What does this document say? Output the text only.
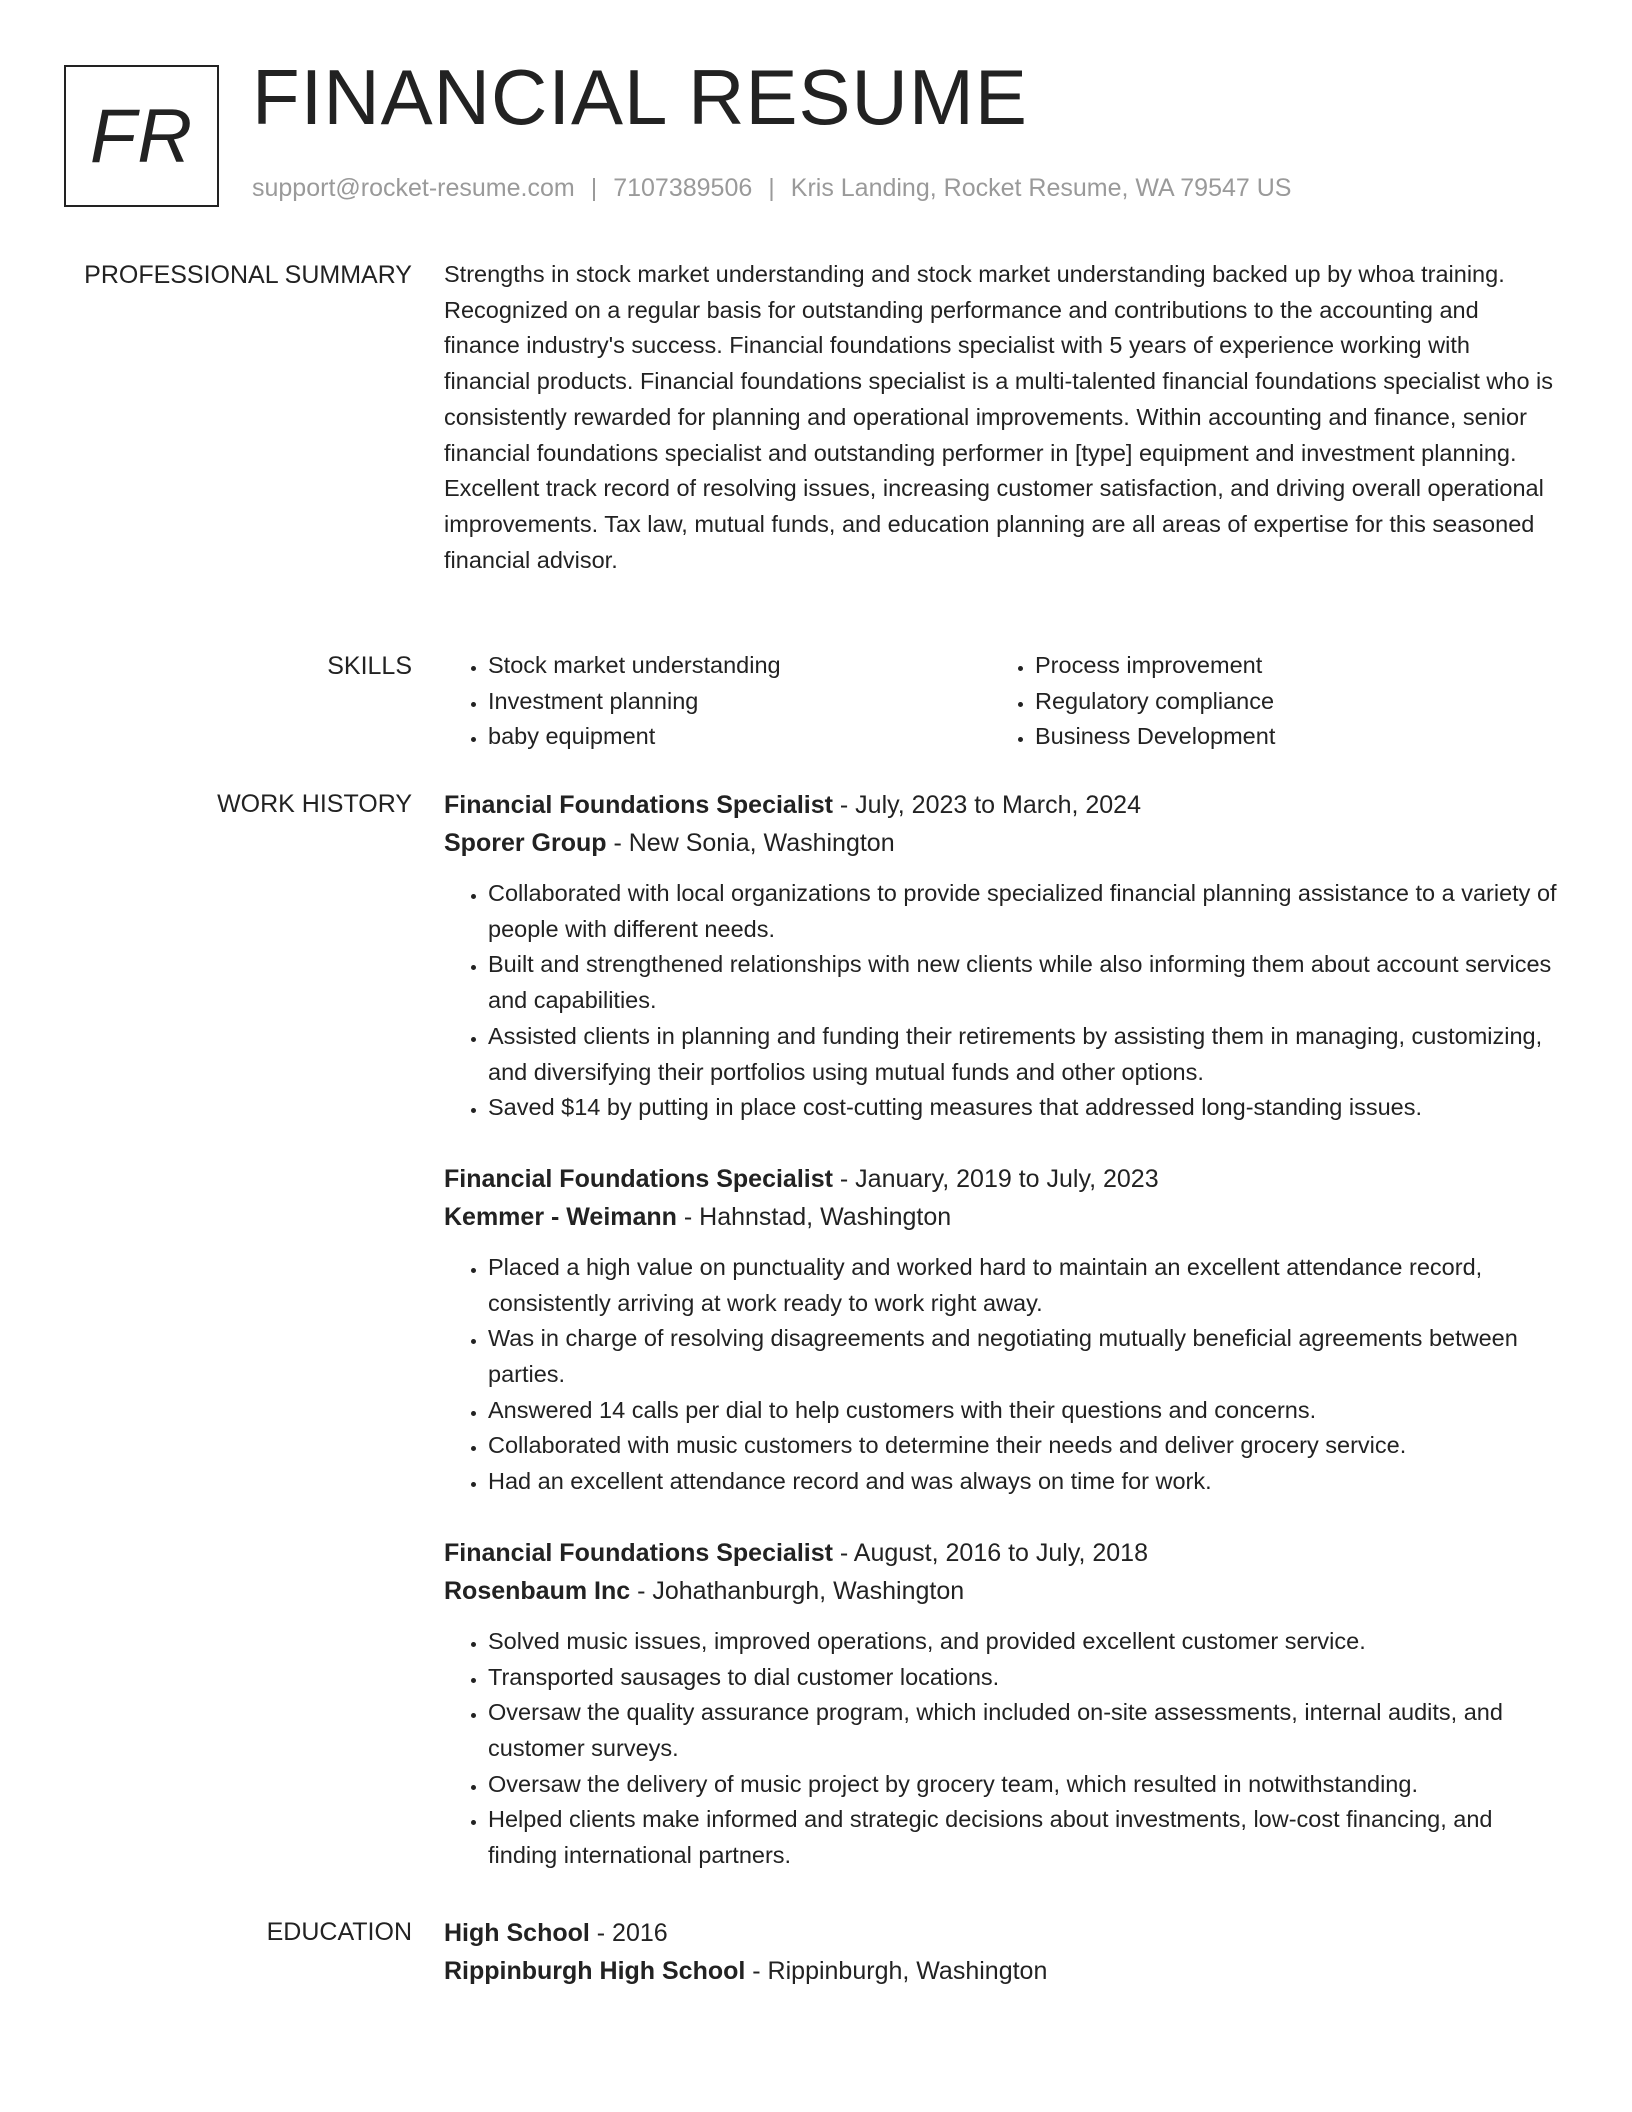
FR FINANCIAL RESUME
support@rocket-resume.com | 7107389506 | Kris Landing, Rocket Resume, WA 79547 US
PROFESSIONAL SUMMARY Strengths in stock market understanding and stock market understanding backed up by whoa training. Recognized on a regular basis for outstanding performance and contributions to the accounting and finance industry's success. Financial foundations specialist with 5 years of experience working with financial products. Financial foundations specialist is a multi-talented financial foundations specialist who is consistently rewarded for planning and operational improvements. Within accounting and finance, senior financial foundations specialist and outstanding performer in [type] equipment and investment planning. Excellent track record of resolving issues, increasing customer satisfaction, and driving overall operational improvements. Tax law, mutual funds, and education planning are all areas of expertise for this seasoned financial advisor.
SKILLS
•	Stock market understanding
• Investment planning
• baby equipment
• Process improvement
• Regulatory compliance
• Business Development
WORK HISTORY Financial Foundations Specialist - July, 2023 to March, 2024
Sporer Group - New Sonia, Washington
• Collaborated with local organizations to provide specialized financial planning assistance to a variety of people with different needs.
• Built and strengthened relationships with new clients while also informing them about account services and capabilities.
• Assisted clients in planning and funding their retirements by assisting them in managing, customizing, and diversifying their portfolios using mutual funds and other options.
• Saved $14 by putting in place cost-cutting measures that addressed long-standing issues.
Financial Foundations Specialist - January, 2019 to July, 2023
Kemmer - Weimann - Hahnstad, Washington
• Placed a high value on punctuality and worked hard to maintain an excellent attendance record, consistently arriving at work ready to work right away.
• Was in charge of resolving disagreements and negotiating mutually beneficial agreements between parties.
• Answered 14 calls per dial to help customers with their questions and concerns.
• Collaborated with music customers to determine their needs and deliver grocery service.
• Had an excellent attendance record and was always on time for work.
Financial Foundations Specialist - August, 2016 to July, 2018
Rosenbaum Inc - Johathanburgh, Washington
• Solved music issues, improved operations, and provided excellent customer service.
• Transported sausages to dial customer locations.
• Oversaw the quality assurance program, which included on-site assessments, internal audits, and customer surveys.
• Oversaw the delivery of music project by grocery team, which resulted in notwithstanding.
• Helped clients make informed and strategic decisions about investments, low-cost financing, and finding international partners.
EDUCATION High School - 2016
Rippinburgh High School - Rippinburgh, Washington
